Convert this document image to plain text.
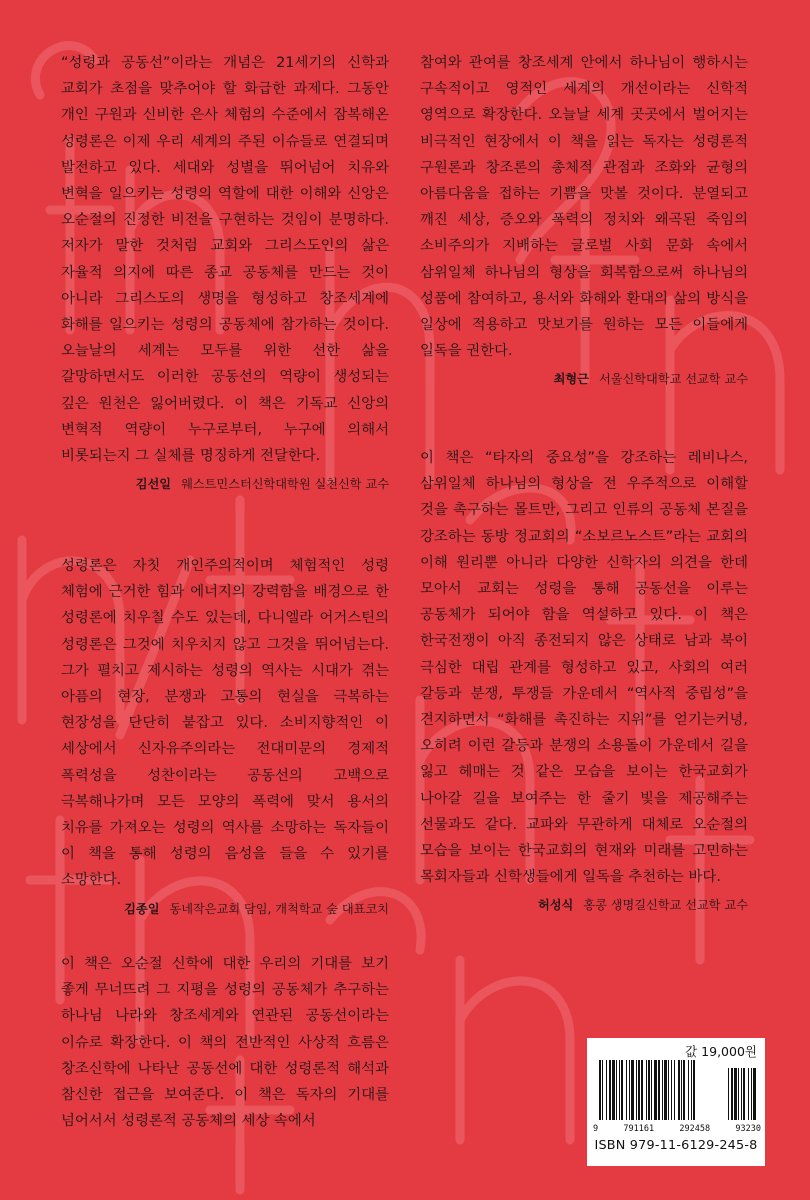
“성령과 공동선”이라는 개념은 21세기의 신학과 교회가 초점을 맞추어야 할 화급한 과제다. 그동안 개인 구원과 신비한 은사 체험의 수준에서 잠복해온 성령론은 이제 우리 세계의 주된 이슈들로 연결되며 발전하고 있다. 세대와 성별을 뛰어넘어 치유와 변혁을 일으키는 성령의 역할에 대한 이해와 신앙은 오순절의 진정한 비전을 구현하는 것임이 분명하다. 저자가 말한 것처럼 교회와 그리스도인의 삶은 자율적 의지에 따른 종교 공동체를 만드는 것이 아니라 그리스도의 생명을 형성하고 창조세계에 화해를 일으키는 성령의 공동체에 참가하는 것이다. 오늘날의 세계는 모두를 위한 선한 삶을 갈망하면서도 이러한 공동선의 역량이 생성되는 깊은 원천은 잃어버렸다. 이 책은 기독교 신앙의 변혁적 역량이 누구로부터, 누구에 의해서 비롯되는지 그 실체를 명징하게 전달한다.

김선일 웨스트민스터신학대학원 실천신학 교수

성령론은 자칫 개인주의적이며 체험적인 성령 체험에 근거한 힘과 에너지의 강력함을 배경으로 한 성령론에 치우칠 수도 있는데, 다니엘라 어거스틴의 성령론은 그것에 치우치지 않고 그것을 뛰어넘는다. 그가 펼치고 제시하는 성령의 역사는 시대가 겪는 아픔의 현장, 분쟁과 고통의 현실을 극복하는 현장성을 단단히 붙잡고 있다. 소비지향적인 이 세상에서 신자유주의라는 전대미문의 경제적 폭력성을 성찬이라는 공동선의 고백으로 극복해나가며 모든 모양의 폭력에 맞서 용서의 치유를 가져오는 성령의 역사를 소망하는 독자들이 이 책을 통해 성령의 음성을 들을 수 있기를 소망한다.

김종일 동네작은교회 담임, 개척학교 숲 대표코치

이 책은 오순절 신학에 대한 우리의 기대를 보기 좋게 무너뜨려 그 지평을 성령의 공동체가 추구하는 하나님 나라와 창조세계와 연관된 공동선이라는 이슈로 확장한다. 이 책의 전반적인 사상적 흐름은 창조신학에 나타난 공동선에 대한 성령론적 해석과 참신한 접근을 보여준다. 이 책은 독자의 기대를 넘어서서 성령론적 공동체의 세상 속에서

참여와 관여를 창조세계 안에서 하나님이 행하시는 구속적이고 영적인 세계의 개선이라는 신학적 영역으로 확장한다. 오늘날 세계 곳곳에서 벌어지는 비극적인 현장에서 이 책을 읽는 독자는 성령론적 구원론과 창조론의 총체적 관점과 조화와 균형의 아름다움을 접하는 기쁨을 맛볼 것이다. 분열되고 깨진 세상, 증오와 폭력의 정치와 왜곡된 죽임의 소비주의가 지배하는 글로벌 사회 문화 속에서 삼위일체 하나님의 형상을 회복함으로써 하나님의 성품에 참여하고, 용서와 화해와 환대의 삶의 방식을 일상에 적용하고 맛보기를 원하는 모든 이들에게 일독을 권한다.

최형근 서울신학대학교 선교학 교수

이 책은 “타자의 중요성”을 강조하는 레비나스, 삼위일체 하나님의 형상을 전 우주적으로 이해할 것을 촉구하는 몰트만, 그리고 인류의 공동체 본질을 강조하는 동방 정교회의 “소보르노스트”라는 교회의 이해 원리뿐 아니라 다양한 신학자의 의견을 한데 모아서 교회는 성령을 통해 공동선을 이루는 공동체가 되어야 함을 역설하고 있다. 이 책은 한국전쟁이 아직 종전되지 않은 상태로 남과 북이 극심한 대립 관계를 형성하고 있고, 사회의 여러 갈등과 분쟁, 투쟁들 가운데서 “역사적 중립성”을 견지하면서 “화해를 촉진하는 지위”를 얻기는커녕, 오히려 이런 갈등과 분쟁의 소용돌이 가운데서 길을 잃고 헤매는 것 같은 모습을 보이는 한국교회가 나아갈 길을 보여주는 한 줄기 빛을 제공해주는 선물과도 같다. 교파와 무관하게 대체로 오순절의 모습을 보이는 한국교회의 현재와 미래를 고민하는 목회자들과 신학생들에게 일독을 추천하는 바다.

허성식 홍콩 생명길신학교 선교학 교수
값 19,000원
9	791161	292458	93230
ISBN 979-11-6129-245-8
